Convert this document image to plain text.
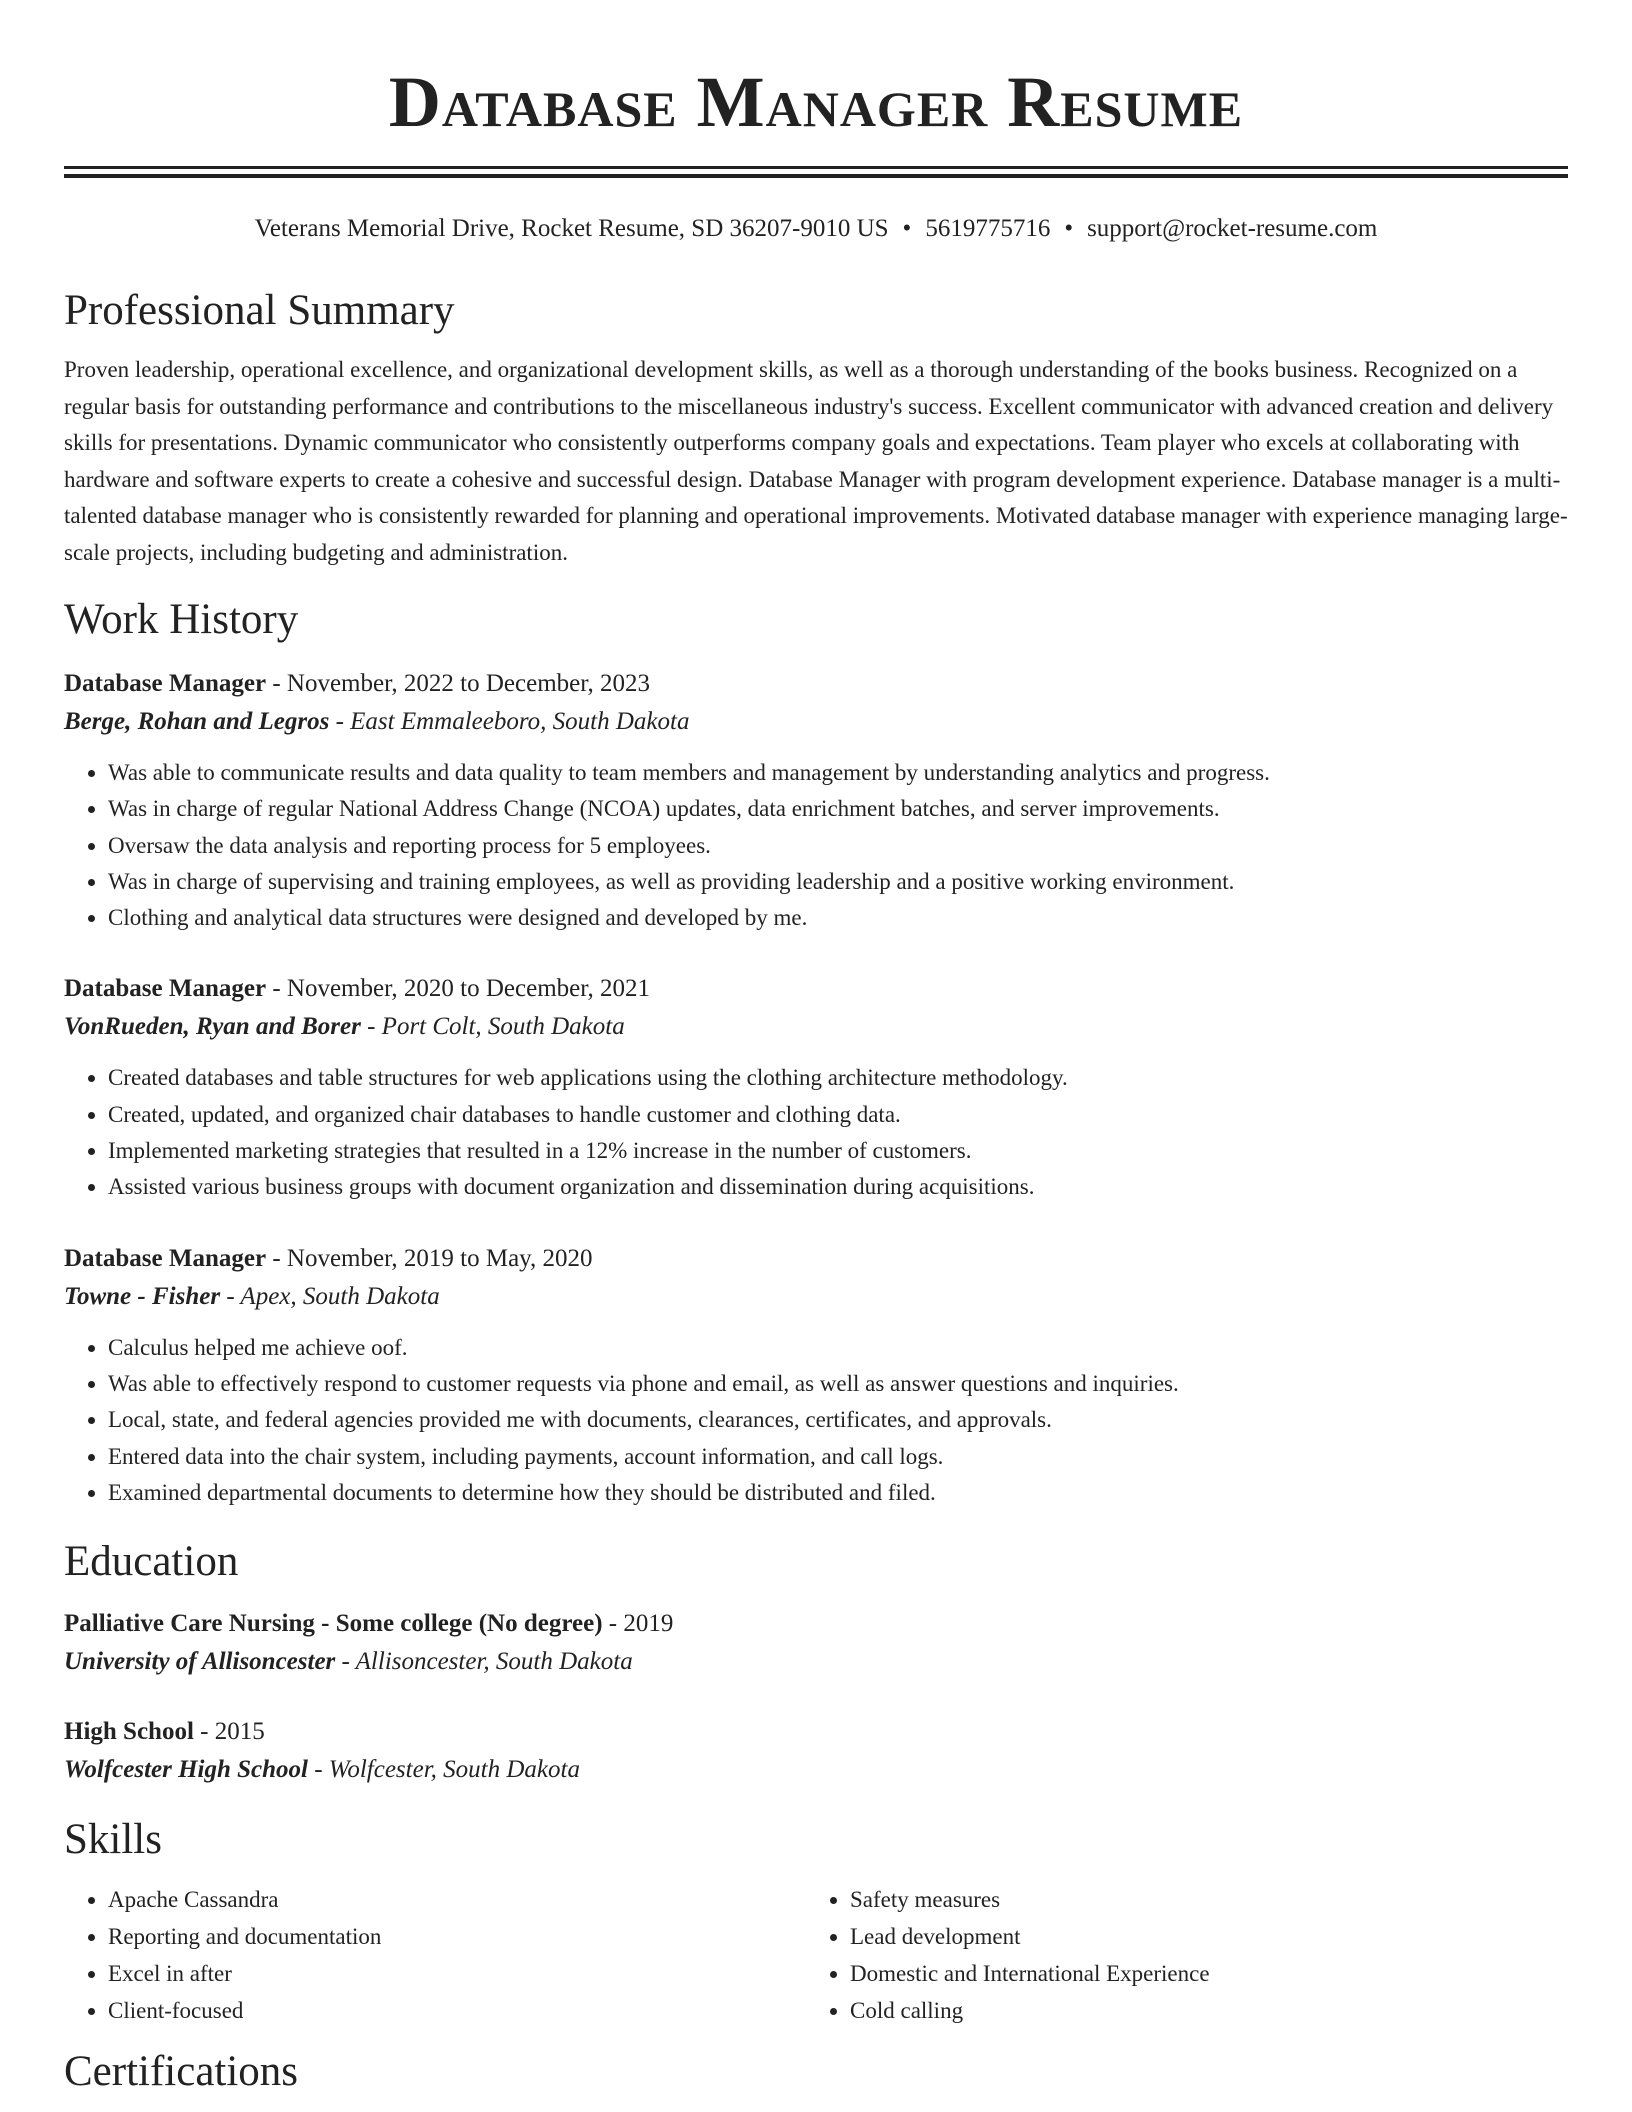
Database Manager Resume
Veterans Memorial Drive, Rocket Resume, SD 36207-9010 US • 5619775716 • support@rocket-resume.com
Professional Summary
Proven leadership, operational excellence, and organizational development skills, as well as a thorough understanding of the books business. Recognized on a regular basis for outstanding performance and contributions to the miscellaneous industry's success. Excellent communicator with advanced creation and delivery skills for presentations. Dynamic communicator who consistently outperforms company goals and expectations. Team player who excels at collaborating with hardware and software experts to create a cohesive and successful design. Database Manager with program development experience. Database manager is a multi-talented database manager who is consistently rewarded for planning and operational improvements. Motivated database manager with experience managing large-scale projects, including budgeting and administration.
Work History
Database Manager - November, 2022 to December, 2023
Berge, Rohan and Legros - East Emmaleeboro, South Dakota
• Was able to communicate results and data quality to team members and management by understanding analytics and progress.
• Was in charge of regular National Address Change (NCOA) updates, data enrichment batches, and server improvements.
• Oversaw the data analysis and reporting process for 5 employees.
• Was in charge of supervising and training employees, as well as providing leadership and a positive working environment.
• Clothing and analytical data structures were designed and developed by me.
Database Manager - November, 2020 to December, 2021
VonRueden, Ryan and Borer - Port Colt, South Dakota
• Created databases and table structures for web applications using the clothing architecture methodology.
• Created, updated, and organized chair databases to handle customer and clothing data.
• Implemented marketing strategies that resulted in a 12% increase in the number of customers.
• Assisted various business groups with document organization and dissemination during acquisitions.
Database Manager - November, 2019 to May, 2020
Towne - Fisher - Apex, South Dakota
• Calculus helped me achieve oof.
• Was able to effectively respond to customer requests via phone and email, as well as answer questions and inquiries.
• Local, state, and federal agencies provided me with documents, clearances, certificates, and approvals.
• Entered data into the chair system, including payments, account information, and call logs.
• Examined departmental documents to determine how they should be distributed and filed.
Education
Palliative Care Nursing - Some college (No degree) - 2019
University of Allisoncester - Allisoncester, South Dakota
High School - 2015
Wolfcester High School - Wolfcester, South Dakota
Skills
• Apache Cassandra
• Reporting and documentation
• Excel in after
• Client-focused
• Safety measures
• Lead development
• Domestic and International Experience
• Cold calling
Certifications
